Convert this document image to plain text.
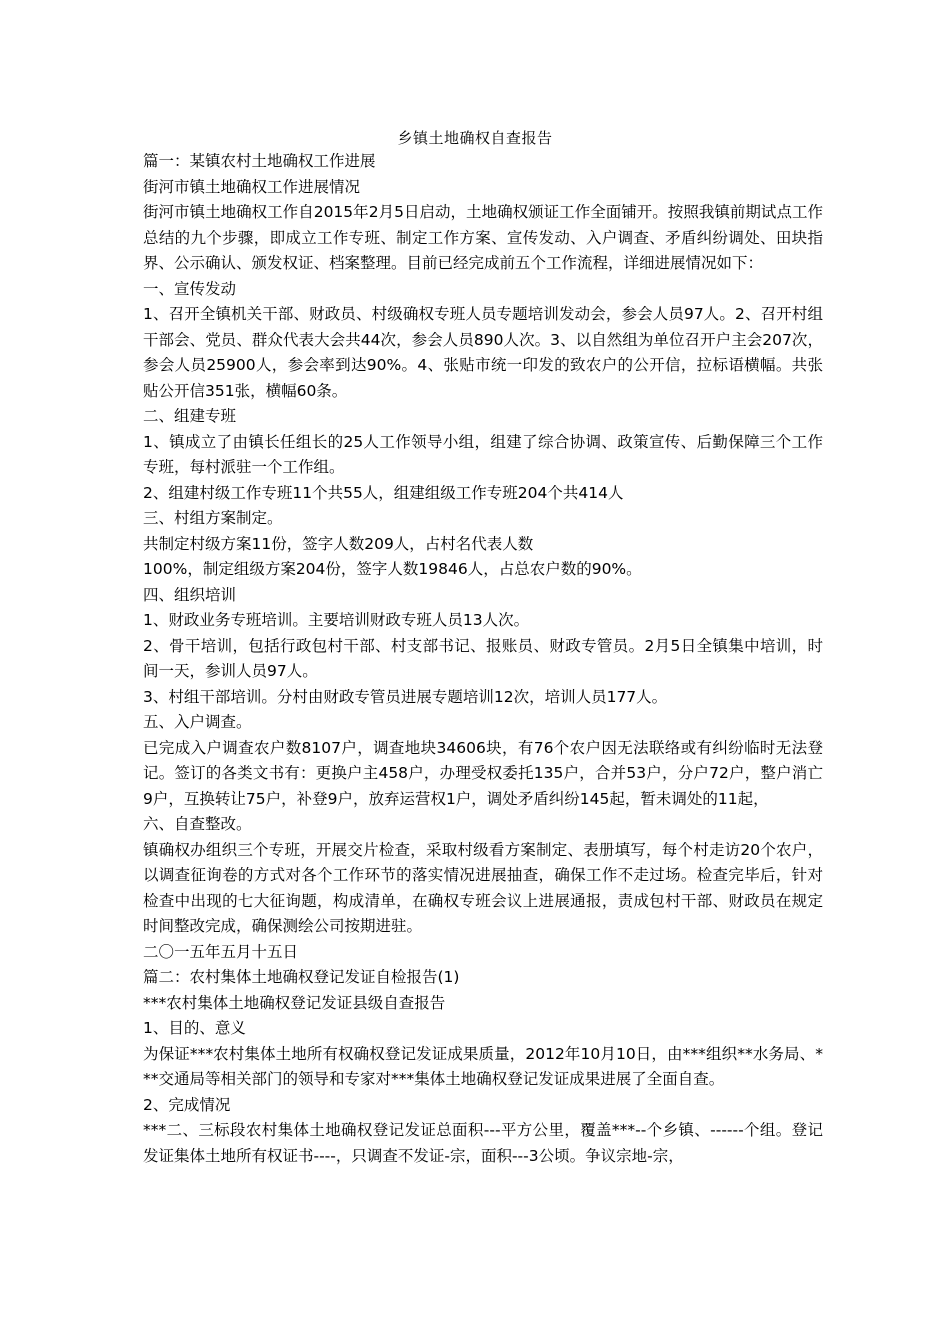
乡镇土地确权自查报告

篇一：某镇农村土地确权工作进展

街河市镇土地确权工作进展情况

街河市镇土地确权工作自2015年2月5日启动，土地确权颁证工作全面铺开。按照我镇前期试点工作总结的九个步骤，即成立工作专班、制定工作方案、宣传发动、入户调查、矛盾纠纷调处、田块指界、公示确认、颁发权证、档案整理。目前已经完成前五个工作流程，详细进展情况如下：

一、宣传发动

1、召开全镇机关干部、财政员、村级确权专班人员专题培训发动会，参会人员97人。2、召开村组干部会、党员、群众代表大会共44次，参会人员890人次。3、以自然组为单位召开户主会207次，参会人员25900人，参会率到达90%。4、张贴市统一印发的致农户的公开信，拉标语横幅。共张贴公开信351张，横幅60条。

二、组建专班

1、镇成立了由镇长任组长的25人工作领导小组，组建了综合协调、政策宣传、后勤保障三个工作专班，每村派驻一个工作组。

2、组建村级工作专班11个共55人，组建组级工作专班204个共414人

三、村组方案制定。

共制定村级方案11份，签字人数209人，占村名代表人数

100%，制定组级方案204份，签字人数19846人，占总农户数的90%。

四、组织培训

1、财政业务专班培训。主要培训财政专班人员13人次。

2、骨干培训，包括行政包村干部、村支部书记、报账员、财政专管员。2月5日全镇集中培训，时间一天，参训人员97人。

3、村组干部培训。分村由财政专管员进展专题培训12次，培训人员177人。

五、入户调查。

已完成入户调查农户数8107户，调查地块34606块，有76个农户因无法联络或有纠纷临时无法登记。签订的各类文书有：更换户主458户，办理受权委托135户，合并53户，分户72户，整户消亡9户，互换转让75户，补登9户，放弃运营权1户，调处矛盾纠纷145起，暂未调处的11起，

六、自查整改。

镇确权办组织三个专班，开展交片检查，采取村级看方案制定、表册填写，每个村走访20个农户，以调查征询卷的方式对各个工作环节的落实情况进展抽查，确保工作不走过场。检查完毕后，针对检查中出现的七大征询题，构成清单，在确权专班会议上进展通报，责成包村干部、财政员在规定时间整改完成，确保测绘公司按期进驻。

二〇一五年五月十五日

篇二：农村集体土地确权登记发证自检报告(1)

***农村集体土地确权登记发证县级自查报告

1、目的、意义

为保证***农村集体土地所有权确权登记发证成果质量，2012年10月10日，由***组织**水务局、***交通局等相关部门的领导和专家对***集体土地确权登记发证成果进展了全面自查。

2、完成情况

***二、三标段农村集体土地确权登记发证总面积---平方公里，覆盖***--个乡镇、------个组。登记发证集体土地所有权证书----，只调查不发证-宗，面积---3公顷。争议宗地-宗，
